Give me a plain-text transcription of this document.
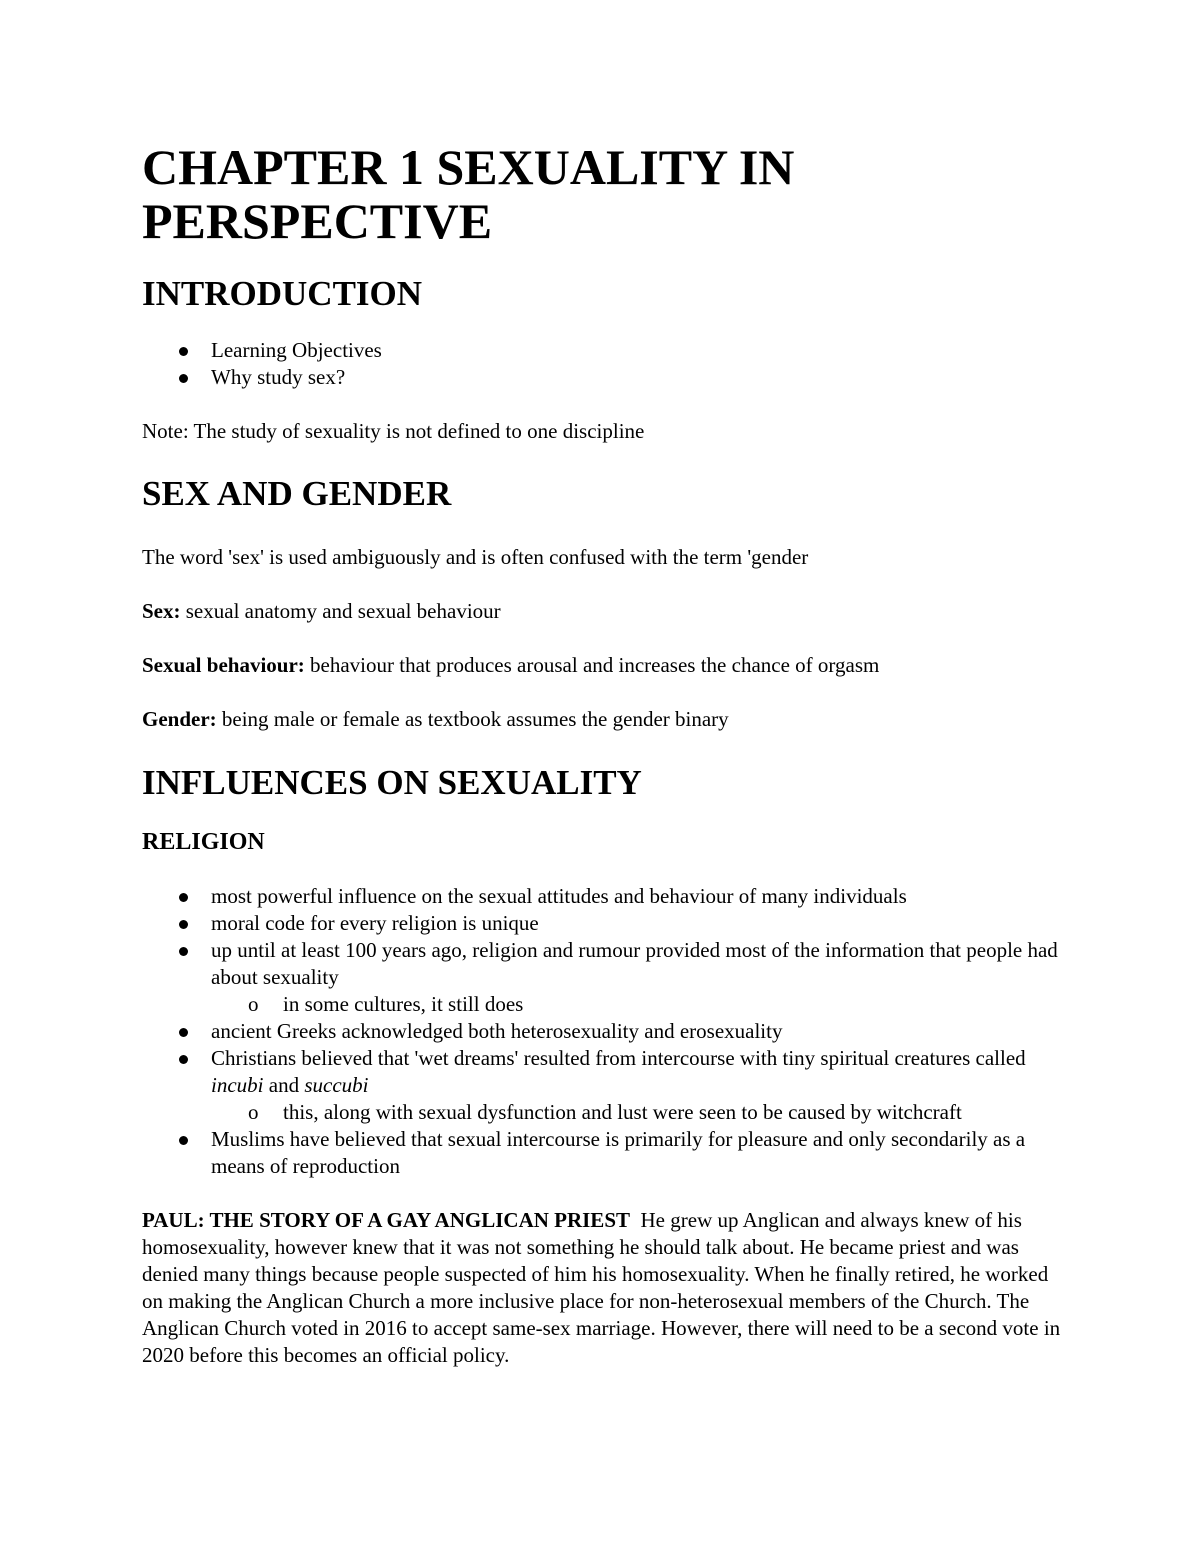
CHAPTER 1 SEXUALITY IN PERSPECTIVE
INTRODUCTION
Learning Objectives
Why study sex?

Note: The study of sexuality is not defined to one discipline

SEX AND GENDER

The word 'sex' is used ambiguously and is often confused with the term 'gender

Sex: sexual anatomy and sexual behaviour

Sexual behaviour: behaviour that produces arousal and increases the chance of orgasm

Gender: being male or female as textbook assumes the gender binary

INFLUENCES ON SEXUALITY
RELIGION
most powerful influence on the sexual attitudes and behaviour of many individuals
moral code for every religion is unique
up until at least 100 years ago, religion and rumour provided most of the information that people had about sexuality
o in some cultures, it still does
ancient Greeks acknowledged both heterosexuality and erosexuality
Christians believed that 'wet dreams' resulted from intercourse with tiny spiritual creatures called incubi and succubi
o this, along with sexual dysfunction and lust were seen to be caused by witchcraft
Muslims have believed that sexual intercourse is primarily for pleasure and only secondarily as a means of reproduction

PAUL: THE STORY OF A GAY ANGLICAN PRIEST  He grew up Anglican and always knew of his homosexuality, however knew that it was not something he should talk about. He became priest and was denied many things because people suspected of him his homosexuality. When he finally retired, he worked on making the Anglican Church a more inclusive place for non-heterosexual members of the Church. The Anglican Church voted in 2016 to accept same-sex marriage. However, there will need to be a second vote in 2020 before this becomes an official policy.
